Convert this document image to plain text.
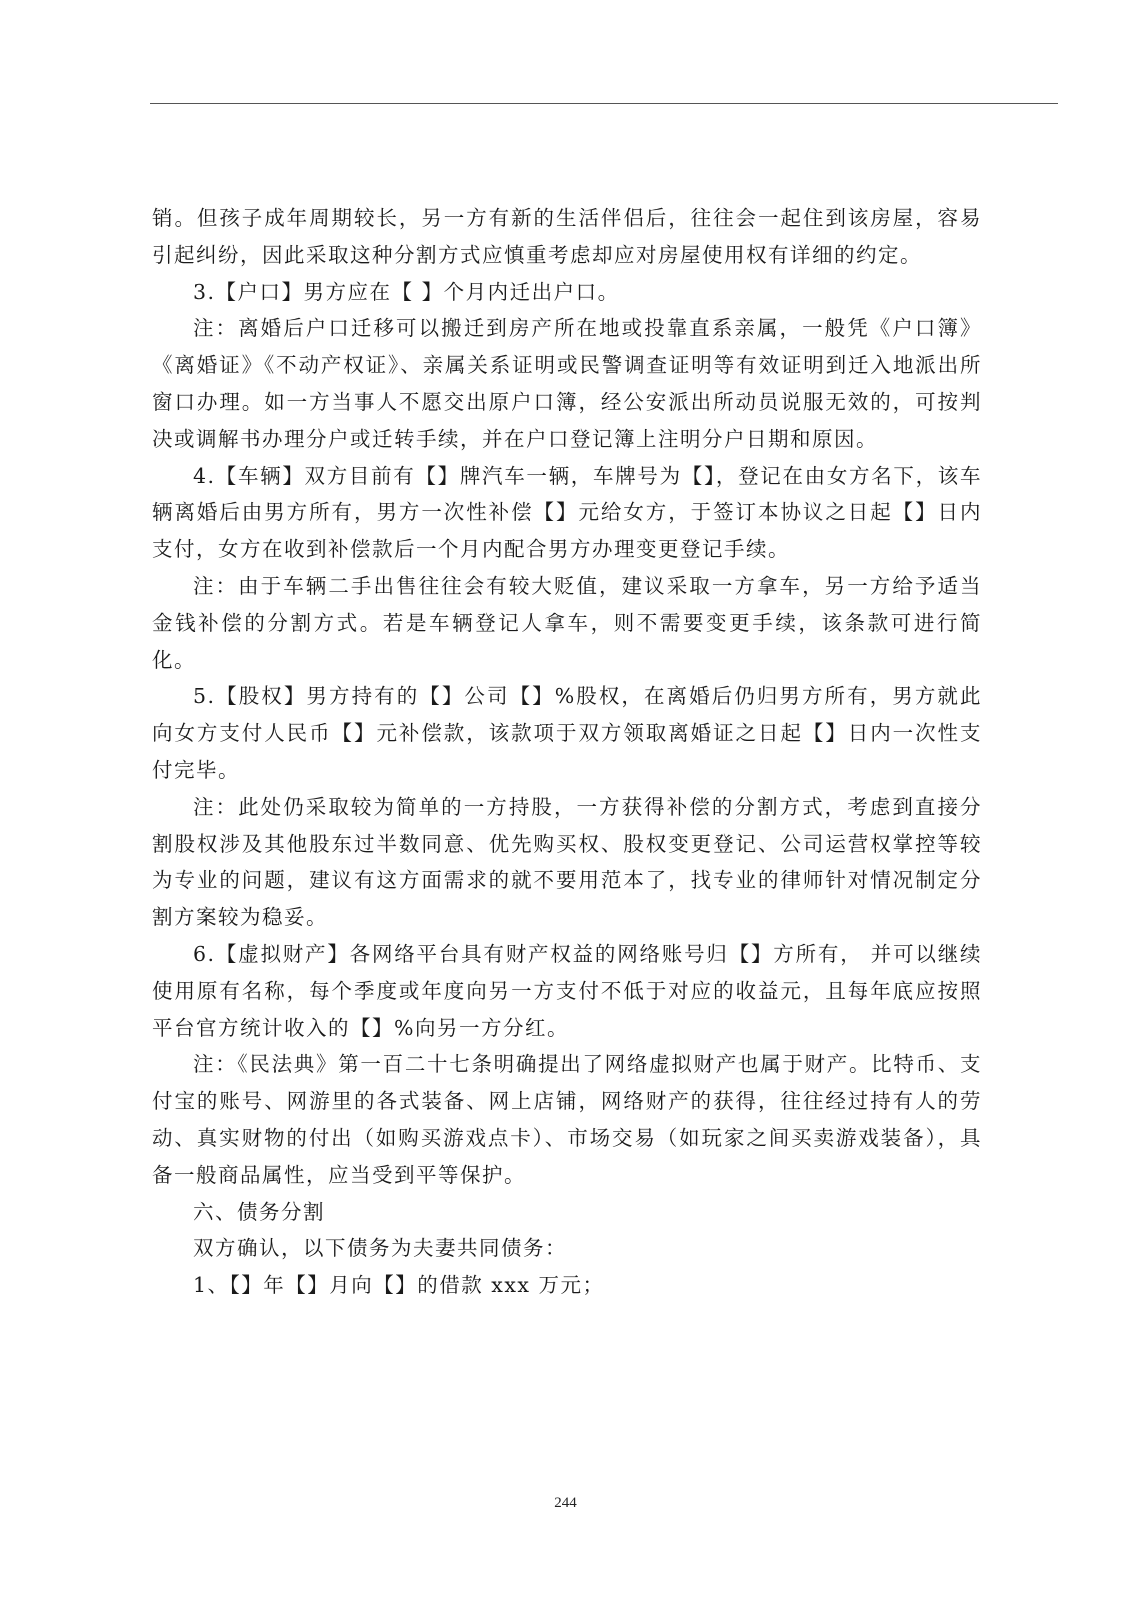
销。但孩子成年周期较长，另一方有新的生活伴侣后，往往会一起住到该房屋，容易引起纠纷，因此采取这种分割方式应慎重考虑却应对房屋使用权有详细的约定。

3.【户口】男方应在【 】个月内迁出户口。

注：离婚后户口迁移可以搬迁到房产所在地或投靠直系亲属，一般凭《户口簿》《离婚证》《不动产权证》、亲属关系证明或民警调查证明等有效证明到迁入地派出所窗口办理。如一方当事人不愿交出原户口簿，经公安派出所动员说服无效的，可按判决或调解书办理分户或迁转手续，并在户口登记簿上注明分户日期和原因。

4.【车辆】双方目前有【】牌汽车一辆，车牌号为【】，登记在由女方名下，该车辆离婚后由男方所有，男方一次性补偿【】元给女方，于签订本协议之日起【】日内支付，女方在收到补偿款后一个月内配合男方办理变更登记手续。

注：由于车辆二手出售往往会有较大贬值，建议采取一方拿车，另一方给予适当金钱补偿的分割方式。若是车辆登记人拿车，则不需要变更手续，该条款可进行简化。

5.【股权】男方持有的【】公司【】%股权，在离婚后仍归男方所有，男方就此向女方支付人民币【】元补偿款，该款项于双方领取离婚证之日起【】日内一次性支付完毕。

注：此处仍采取较为简单的一方持股，一方获得补偿的分割方式，考虑到直接分割股权涉及其他股东过半数同意、优先购买权、股权变更登记、公司运营权掌控等较为专业的问题，建议有这方面需求的就不要用范本了，找专业的律师针对情况制定分割方案较为稳妥。

6.【虚拟财产】各网络平台具有财产权益的网络账号归【】方所有， 并可以继续使用原有名称，每个季度或年度向另一方支付不低于对应的收益元，且每年底应按照平台官方统计收入的【】%向另一方分红。

注：《民法典》第一百二十七条明确提出了网络虚拟财产也属于财产。比特币、支付宝的账号、网游里的各式装备、网上店铺，网络财产的获得，往往经过持有人的劳动、真实财物的付出（如购买游戏点卡）、市场交易（如玩家之间买卖游戏装备），具备一般商品属性，应当受到平等保护。

六、债务分割

双方确认，以下债务为夫妻共同债务：

1、【】年【】月向【】的借款 xxx 万元；

244
